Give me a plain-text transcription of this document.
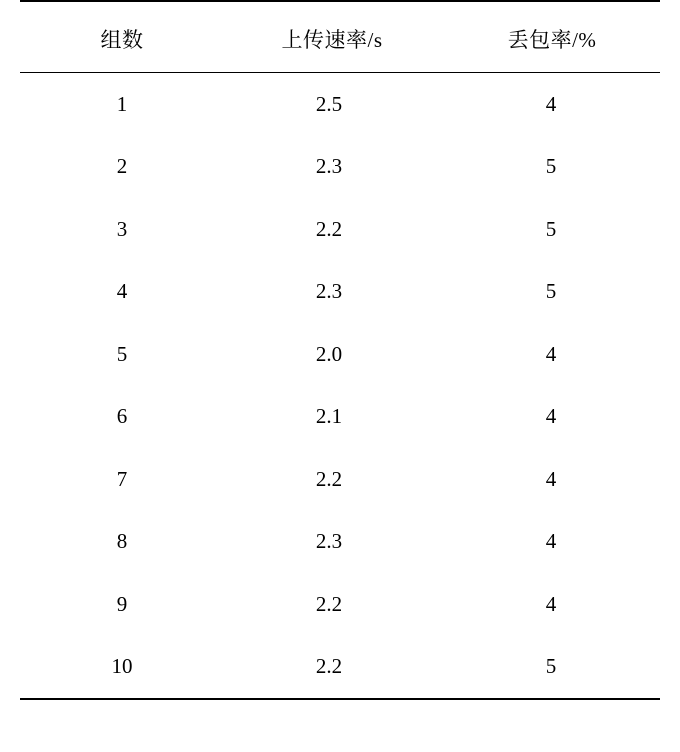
组数	上传速率/s	丢包率/%
1	2.5	4
2	2.3	5
3	2.2	5
4	2.3	5
5	2.0	4
6	2.1	4
7	2.2	4
8	2.3	4
9	2.2	4
10	2.2	5
